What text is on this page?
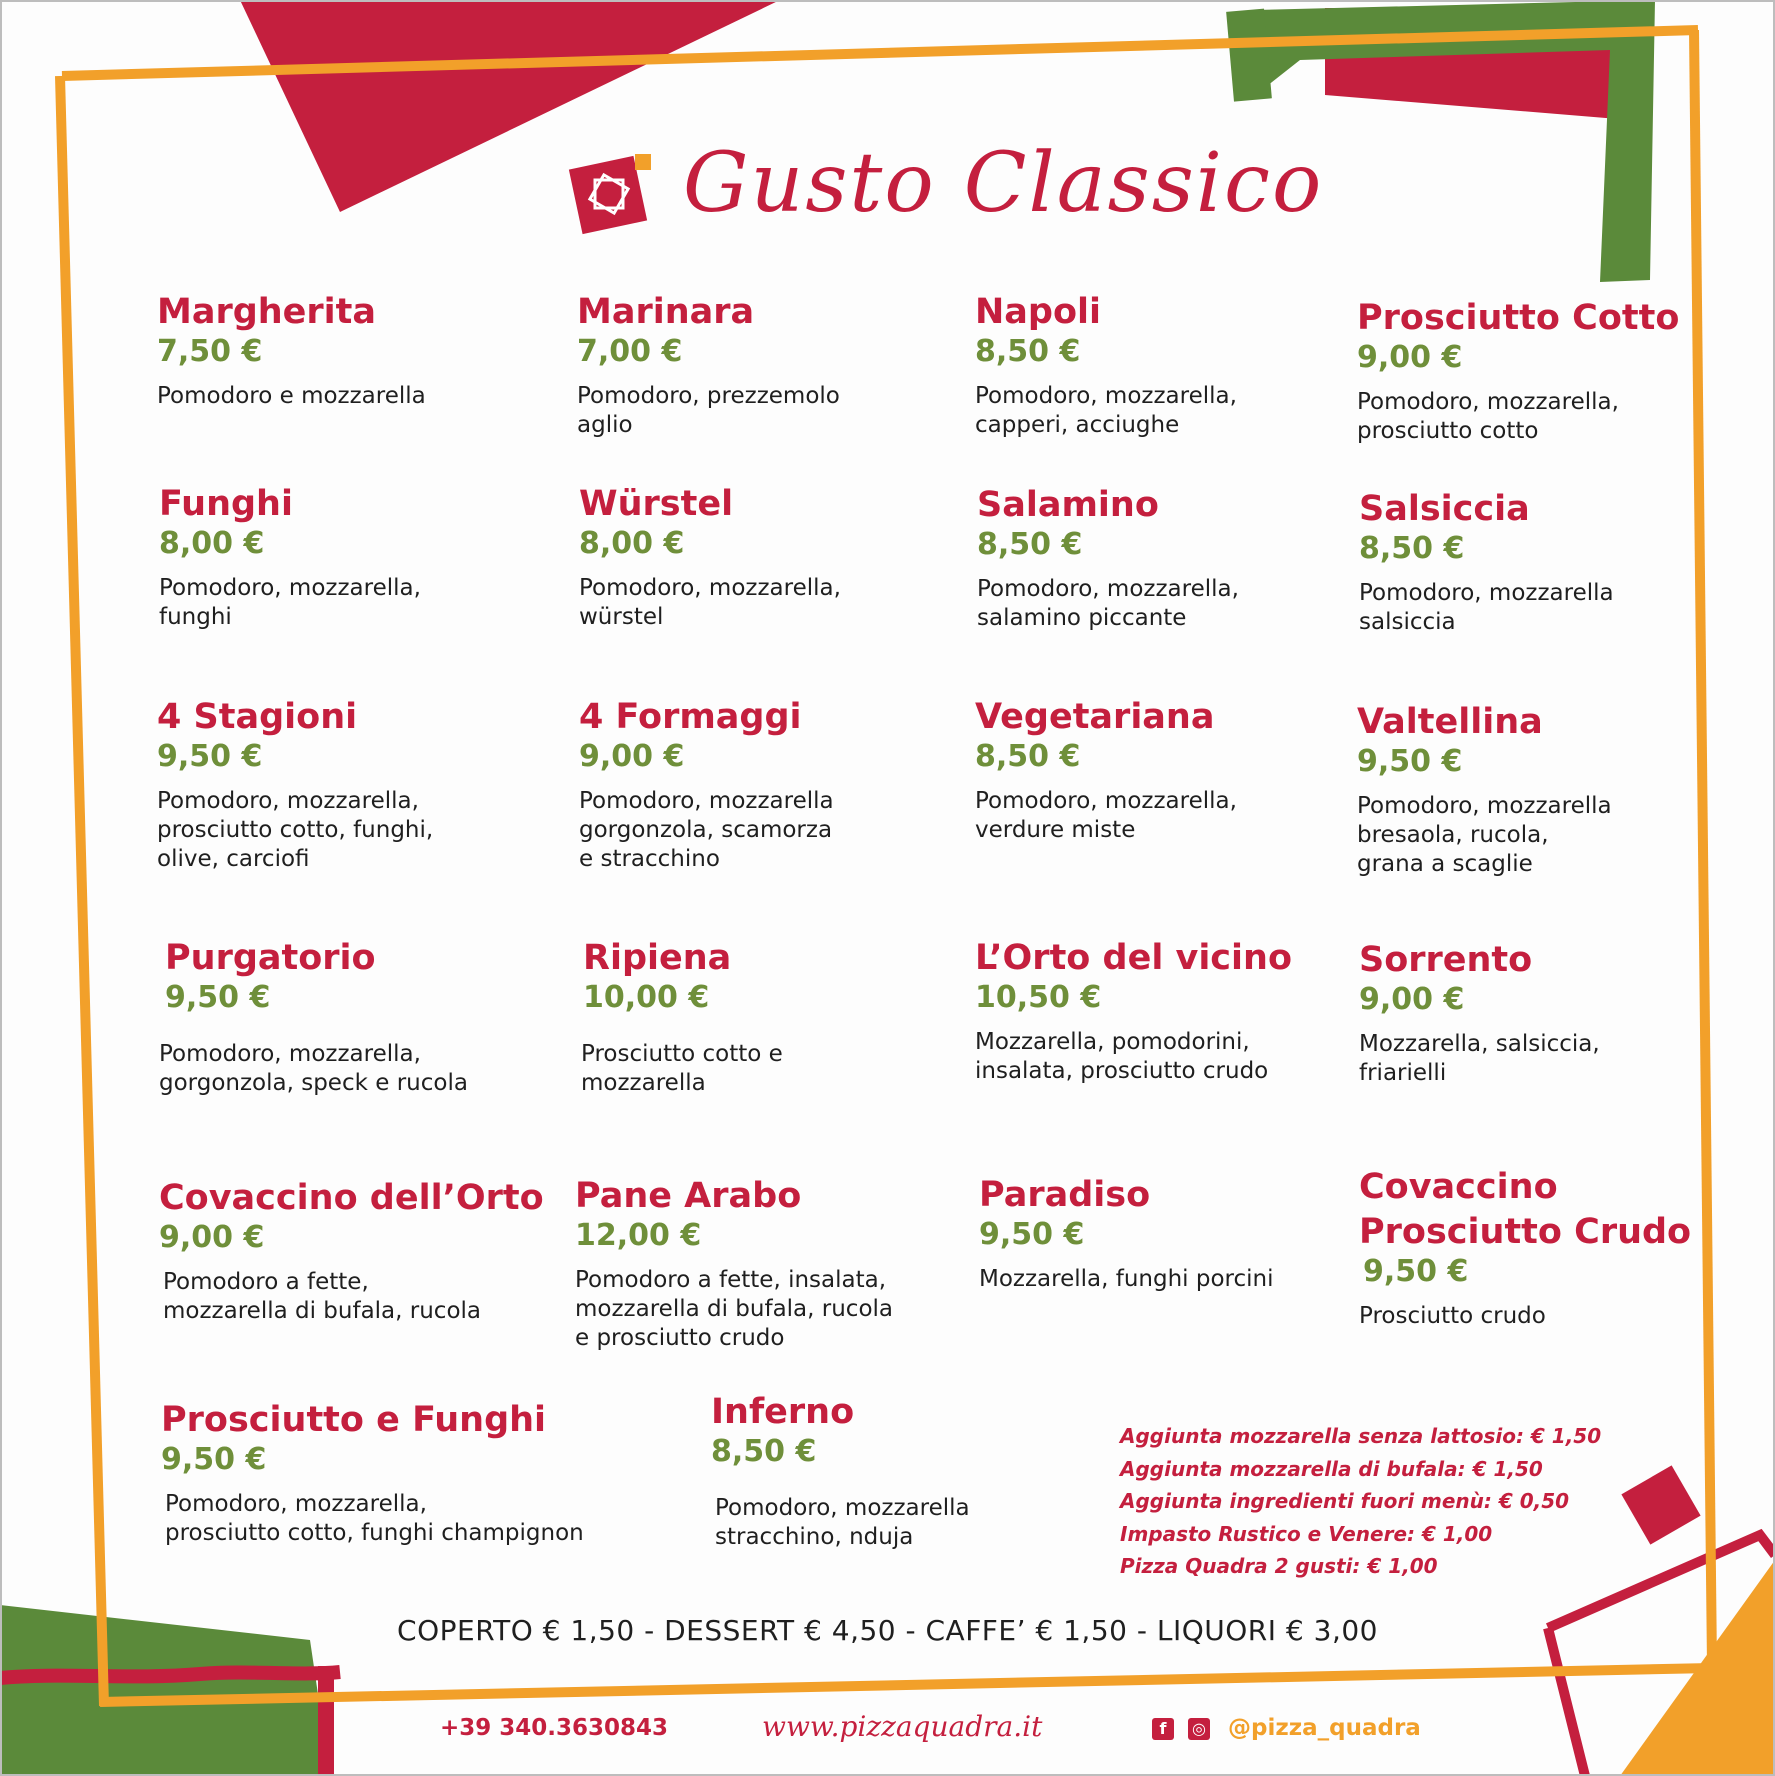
Gusto Classico
Margherita
7,50 €
Pomodoro e mozzarella
Marinara
7,00 €
Pomodoro, prezzemolo
aglio
Napoli
8,50 €
Pomodoro, mozzarella,
capperi, acciughe
Prosciutto Cotto
9,00 €
Pomodoro, mozzarella,
prosciutto cotto
Funghi
8,00 €
Pomodoro, mozzarella,
funghi
Würstel
8,00 €
Pomodoro, mozzarella,
würstel
Salamino
8,50 €
Pomodoro, mozzarella,
salamino piccante
Salsiccia
8,50 €
Pomodoro, mozzarella
salsiccia
4 Stagioni
9,50 €
Pomodoro, mozzarella,
prosciutto cotto, funghi,
olive, carciofi
4 Formaggi
9,00 €
Pomodoro, mozzarella
gorgonzola, scamorza
e stracchino
Vegetariana
8,50 €
Pomodoro, mozzarella,
verdure miste
Valtellina
9,50 €
Pomodoro, mozzarella
bresaola, rucola,
grana a scaglie
Purgatorio
9,50 €
Pomodoro, mozzarella,
gorgonzola, speck e rucola
Ripiena
10,00 €
Prosciutto cotto e
mozzarella
L’Orto del vicino
10,50 €
Mozzarella, pomodorini,
insalata, prosciutto crudo
Sorrento
9,00 €
Mozzarella, salsiccia,
friarielli
Covaccino dell’Orto
9,00 €
Pomodoro a fette,
mozzarella di bufala, rucola
Pane Arabo
12,00 €
Pomodoro a fette, insalata,
mozzarella di bufala, rucola
e prosciutto crudo
Paradiso
9,50 €
Mozzarella, funghi porcini
Covaccino
Prosciutto Crudo
9,50 €
Prosciutto crudo
Prosciutto e Funghi
9,50 €
Pomodoro, mozzarella,
prosciutto cotto, funghi champignon
Inferno
8,50 €
Pomodoro, mozzarella
stracchino, nduja
Aggiunta mozzarella senza lattosio: € 1,50
Aggiunta mozzarella di bufala: € 1,50
Aggiunta ingredienti fuori menù: € 0,50
Impasto Rustico e Venere: € 1,00
Pizza Quadra 2 gusti: € 1,00
COPERTO € 1,50 - DESSERT € 4,50 - CAFFE’ € 1,50 - LIQUORI € 3,00
+39 340.3630843	www.pizzaquadra.it	f	◎ @pizza_quadra
